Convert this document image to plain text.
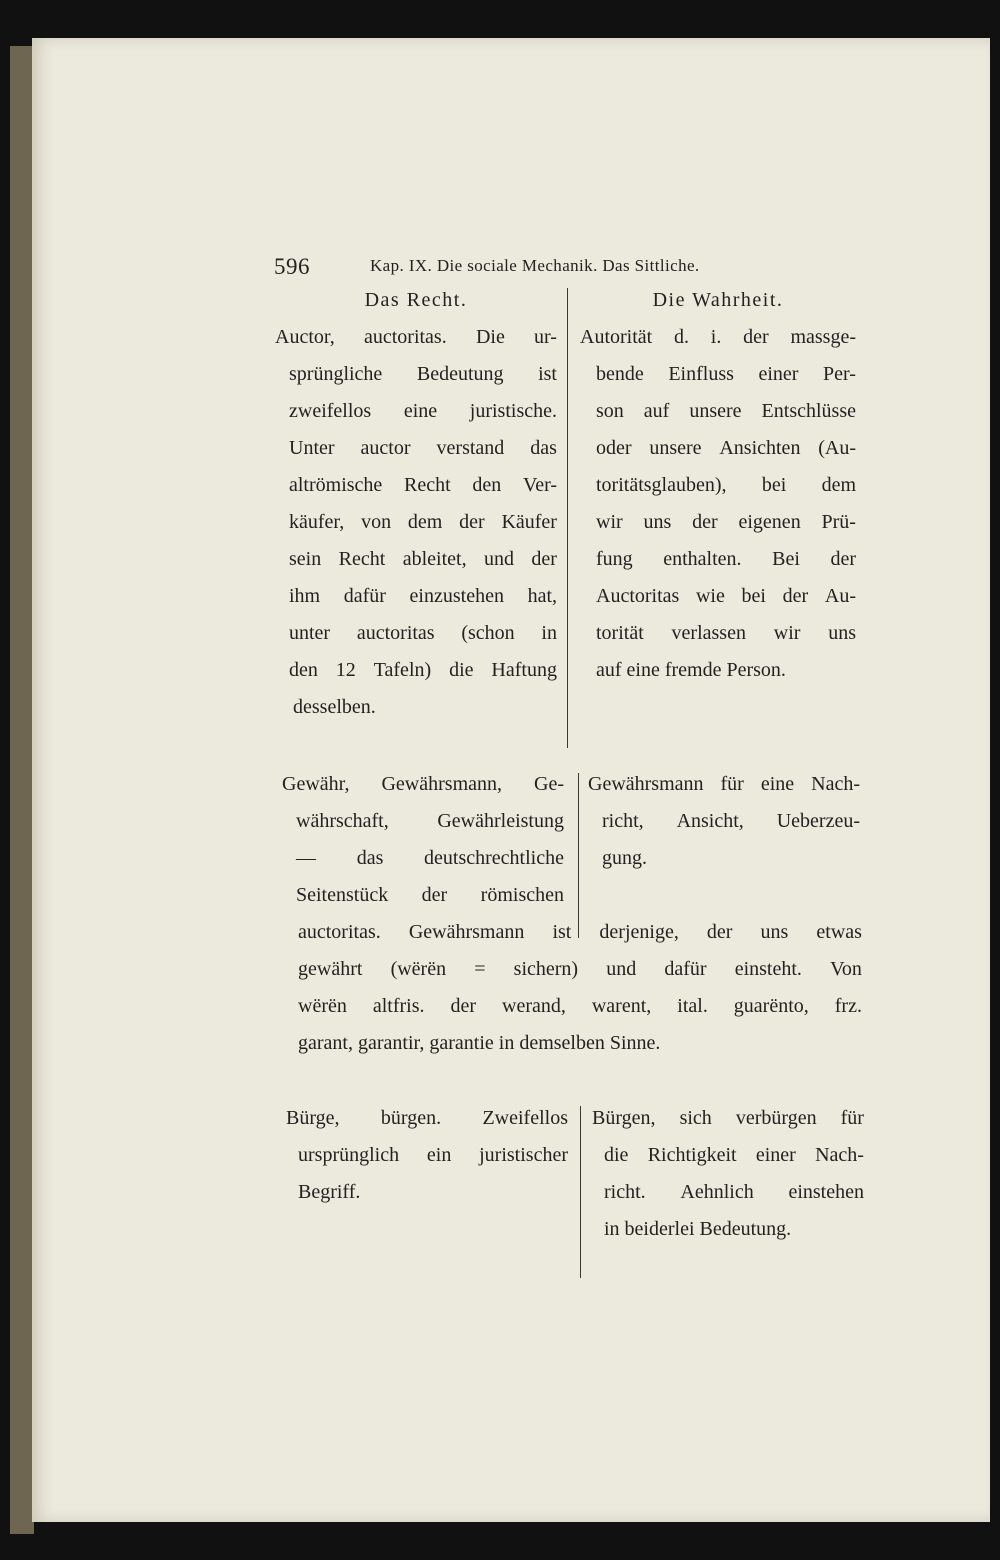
596	Kap. IX. Die sociale Mechanik. Das Sittliche.
Das Recht.
Auctor, auctoritas. Die ur-
sprüngliche Bedeutung ist
zweifellos eine juristische.
Unter auctor verstand das
altrömische Recht den Ver-
käufer, von dem der Käufer
sein Recht ableitet, und der
ihm dafür einzustehen hat,
unter auctoritas (schon in
den 12 Tafeln) die Haftung
desselben.
Die Wahrheit.
Autorität d. i. der massge-
bende Einfluss einer Per-
son auf unsere Entschlüsse
oder unsere Ansichten (Au-
toritätsglauben), bei dem
wir uns der eigenen Prü-
fung enthalten. Bei der
Auctoritas wie bei der Au-
torität verlassen wir uns
auf eine fremde Person.
Gewähr, Gewährsmann, Ge-
währschaft, Gewährleistung
— das deutschrechtliche
Seitenstück der römischen
Gewährsmann für eine Nach-
richt, Ansicht, Ueberzeu-
gung.
auctoritas. Gewährsmann ist derjenige, der uns etwas
gewährt (wërën = sichern) und dafür einsteht. Von
wërën altfris. der werand, warent, ital. guarënto, frz.
garant, garantir, garantie in demselben Sinne.
Bürge, bürgen. Zweifellos
ursprünglich ein juristischer
Begriff.
Bürgen, sich verbürgen für
die Richtigkeit einer Nach-
richt. Aehnlich einstehen
in beiderlei Bedeutung.
